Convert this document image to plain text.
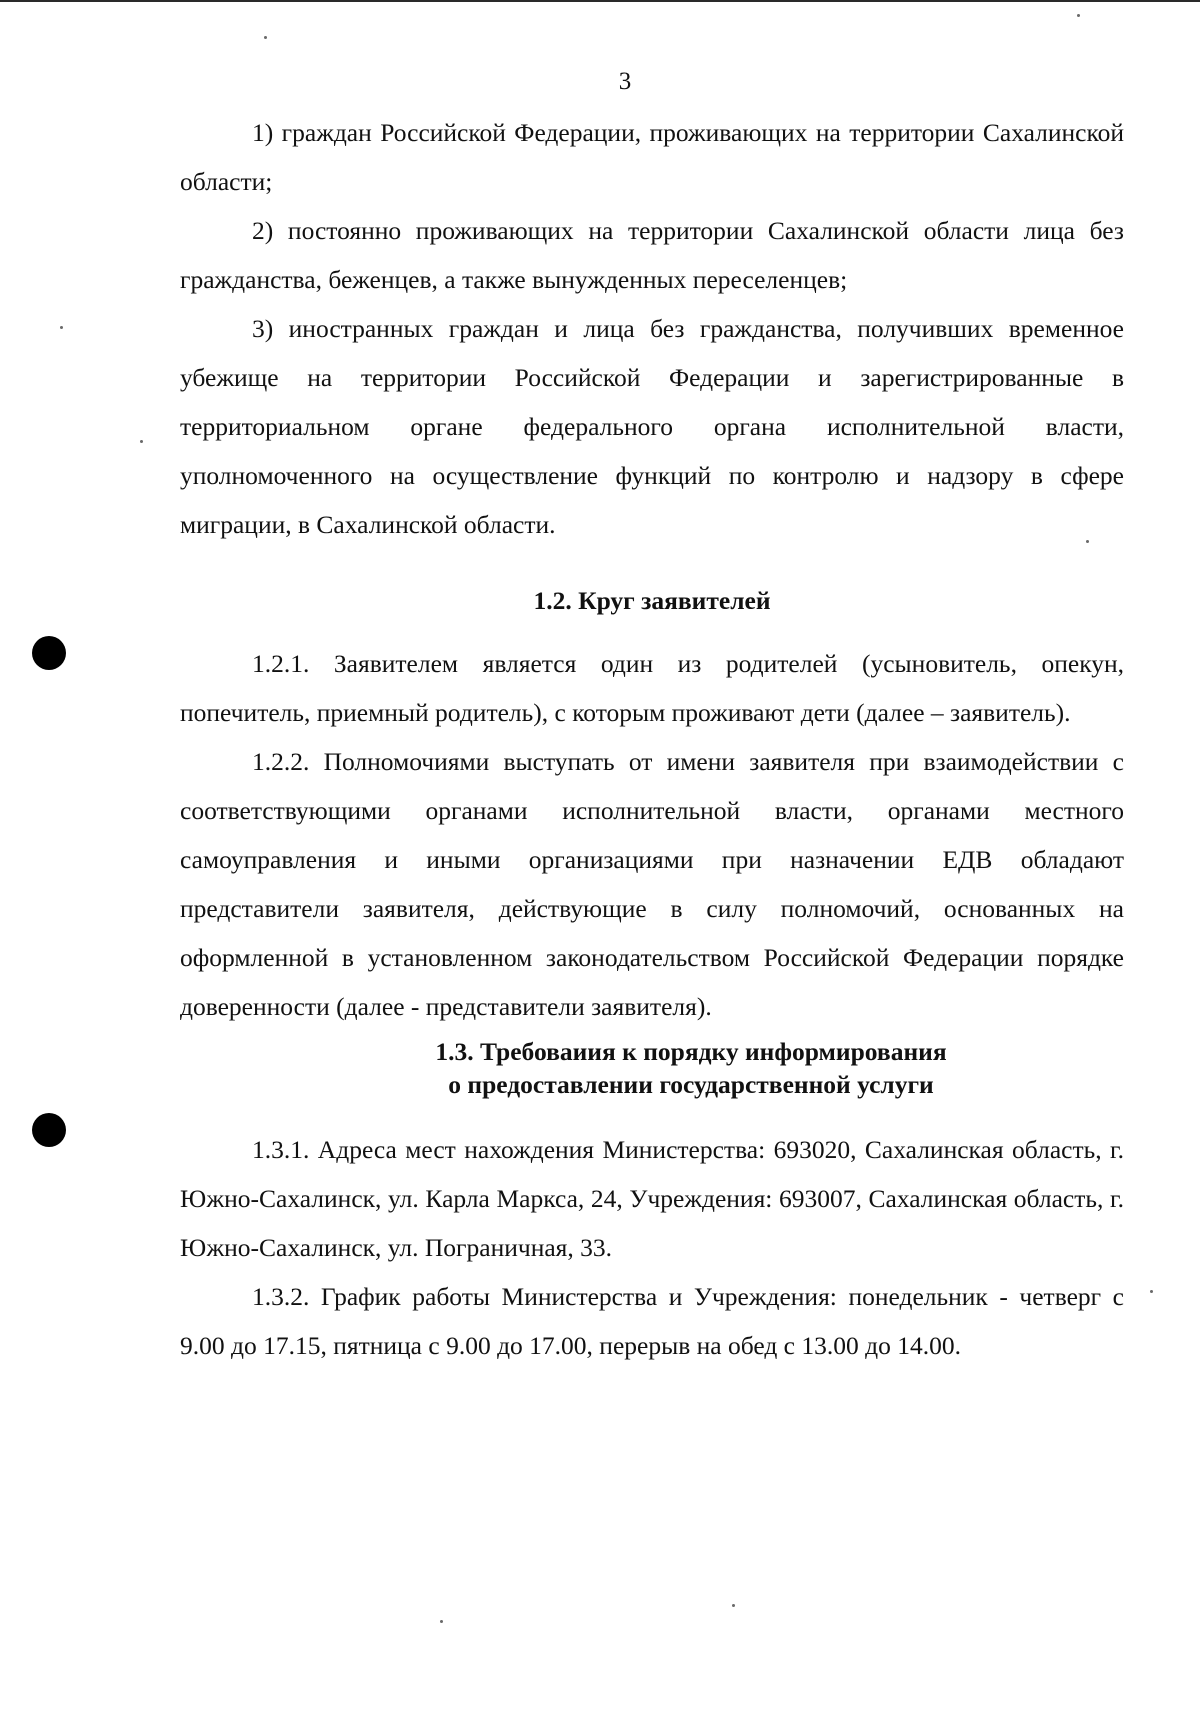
3

1) граждан Российской Федерации, проживающих на территории Сахалинской области;

2) постоянно проживающих на территории Сахалинской области лица без гражданства, беженцев, а также вынужденных переселенцев;

3) иностранных граждан и лица без гражданства, получивших временное убежище на территории Российской Федерации и зарегистрированные в территориальном органе федерального органа исполнительной власти, уполномоченного на осуществление функций по контролю и надзору в сфере миграции, в Сахалинской области.

1.2. Круг заявителей

1.2.1. Заявителем является один из родителей (усыновитель, опекун, попечитель, приемный родитель), с которым проживают дети (далее – заявитель).

1.2.2. Полномочиями выступать от имени заявителя при взаимодействии с соответствующими органами исполнительной власти, органами местного самоуправления и иными организациями при назначении ЕДВ обладают представители заявителя, действующие в силу полномочий, основанных на оформленной в установленном законодательством Российской Федерации порядке доверенности (далее - представители заявителя).

1.3. Требоваиия к порядку информирования
о предоставлении государственной услуги

1.3.1. Адреса мест нахождения Министерства: 693020, Сахалинская область, г. Южно-Сахалинск, ул. Карла Маркса, 24, Учреждения: 693007, Сахалинская область, г. Южно-Сахалинск, ул. Пограничная, 33.

1.3.2. График работы Министерства и Учреждения: понедельник - четверг с 9.00 до 17.15, пятница с 9.00 до 17.00, перерыв на обед с 13.00 до 14.00.
